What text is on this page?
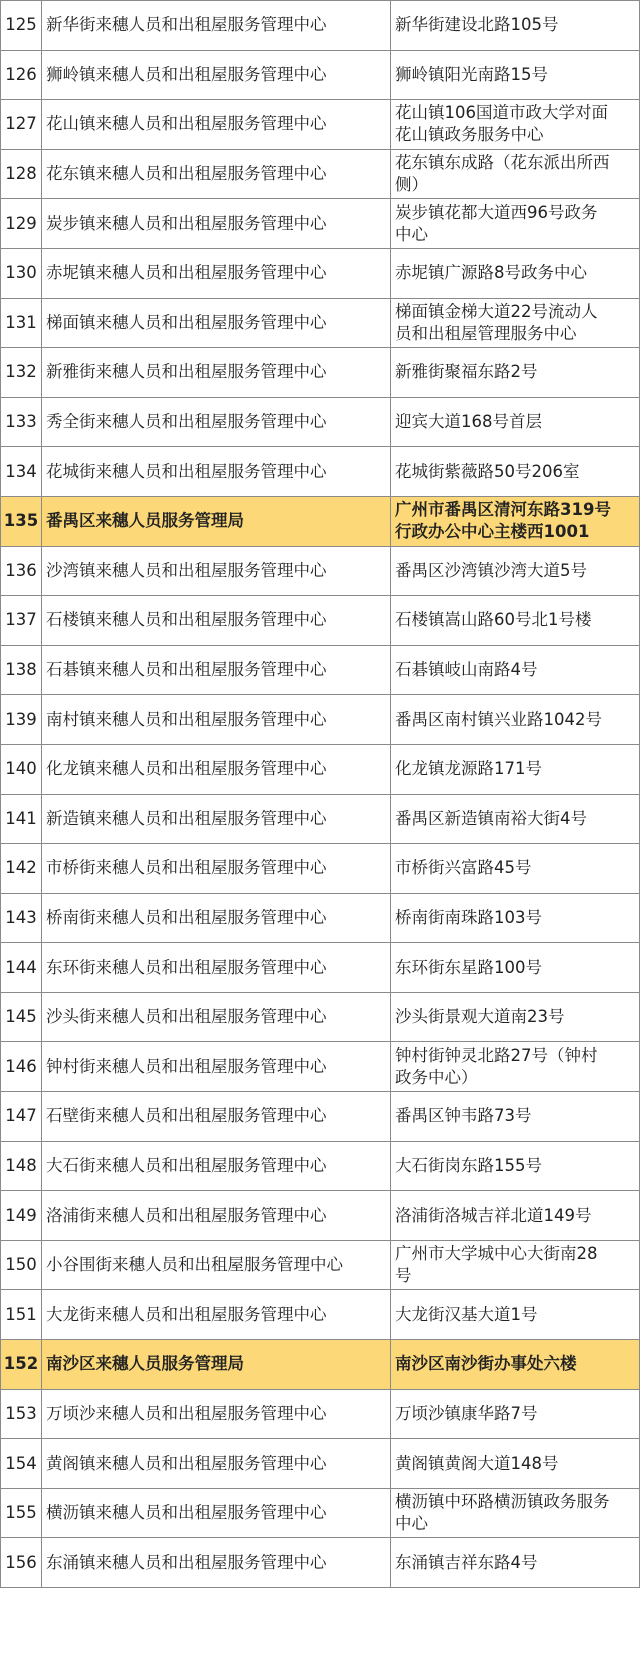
125	新华街来穗人员和出租屋服务管理中心	新华街建设北路105号
126	狮岭镇来穗人员和出租屋服务管理中心	狮岭镇阳光南路15号
127	花山镇来穗人员和出租屋服务管理中心	花山镇106国道市政大学对面
花山镇政务服务中心
128	花东镇来穗人员和出租屋服务管理中心	花东镇东成路（花东派出所西
侧）
129	炭步镇来穗人员和出租屋服务管理中心	炭步镇花都大道西96号政务
中心
130	赤坭镇来穗人员和出租屋服务管理中心	赤坭镇广源路8号政务中心
131	梯面镇来穗人员和出租屋服务管理中心	梯面镇金梯大道22号流动人
员和出租屋管理服务中心
132	新雅街来穗人员和出租屋服务管理中心	新雅街聚福东路2号
133	秀全街来穗人员和出租屋服务管理中心	迎宾大道168号首层
134	花城街来穗人员和出租屋服务管理中心	花城街紫薇路50号206室
135	番禺区来穗人员服务管理局	广州市番禺区清河东路319号
行政办公中心主楼西1001
136	沙湾镇来穗人员和出租屋服务管理中心	番禺区沙湾镇沙湾大道5号
137	石楼镇来穗人员和出租屋服务管理中心	石楼镇嵩山路60号北1号楼
138	石碁镇来穗人员和出租屋服务管理中心	石碁镇岐山南路4号
139	南村镇来穗人员和出租屋服务管理中心	番禺区南村镇兴业路1042号
140	化龙镇来穗人员和出租屋服务管理中心	化龙镇龙源路171号
141	新造镇来穗人员和出租屋服务管理中心	番禺区新造镇南裕大街4号
142	市桥街来穗人员和出租屋服务管理中心	市桥街兴富路45号
143	桥南街来穗人员和出租屋服务管理中心	桥南街南珠路103号
144	东环街来穗人员和出租屋服务管理中心	东环街东星路100号
145	沙头街来穗人员和出租屋服务管理中心	沙头街景观大道南23号
146	钟村街来穗人员和出租屋服务管理中心	钟村街钟灵北路27号（钟村
政务中心）
147	石壁街来穗人员和出租屋服务管理中心	番禺区钟韦路73号
148	大石街来穗人员和出租屋服务管理中心	大石街岗东路155号
149	洛浦街来穗人员和出租屋服务管理中心	洛浦街洛城吉祥北道149号
150	小谷围街来穗人员和出租屋服务管理中心	广州市大学城中心大街南28
号
151	大龙街来穗人员和出租屋服务管理中心	大龙街汉基大道1号
152	南沙区来穗人员服务管理局	南沙区南沙街办事处六楼
153	万顷沙来穗人员和出租屋服务管理中心	万顷沙镇康华路7号
154	黄阁镇来穗人员和出租屋服务管理中心	黄阁镇黄阁大道148号
155	横沥镇来穗人员和出租屋服务管理中心	横沥镇中环路横沥镇政务服务
中心
156	东涌镇来穗人员和出租屋服务管理中心	东涌镇吉祥东路4号
